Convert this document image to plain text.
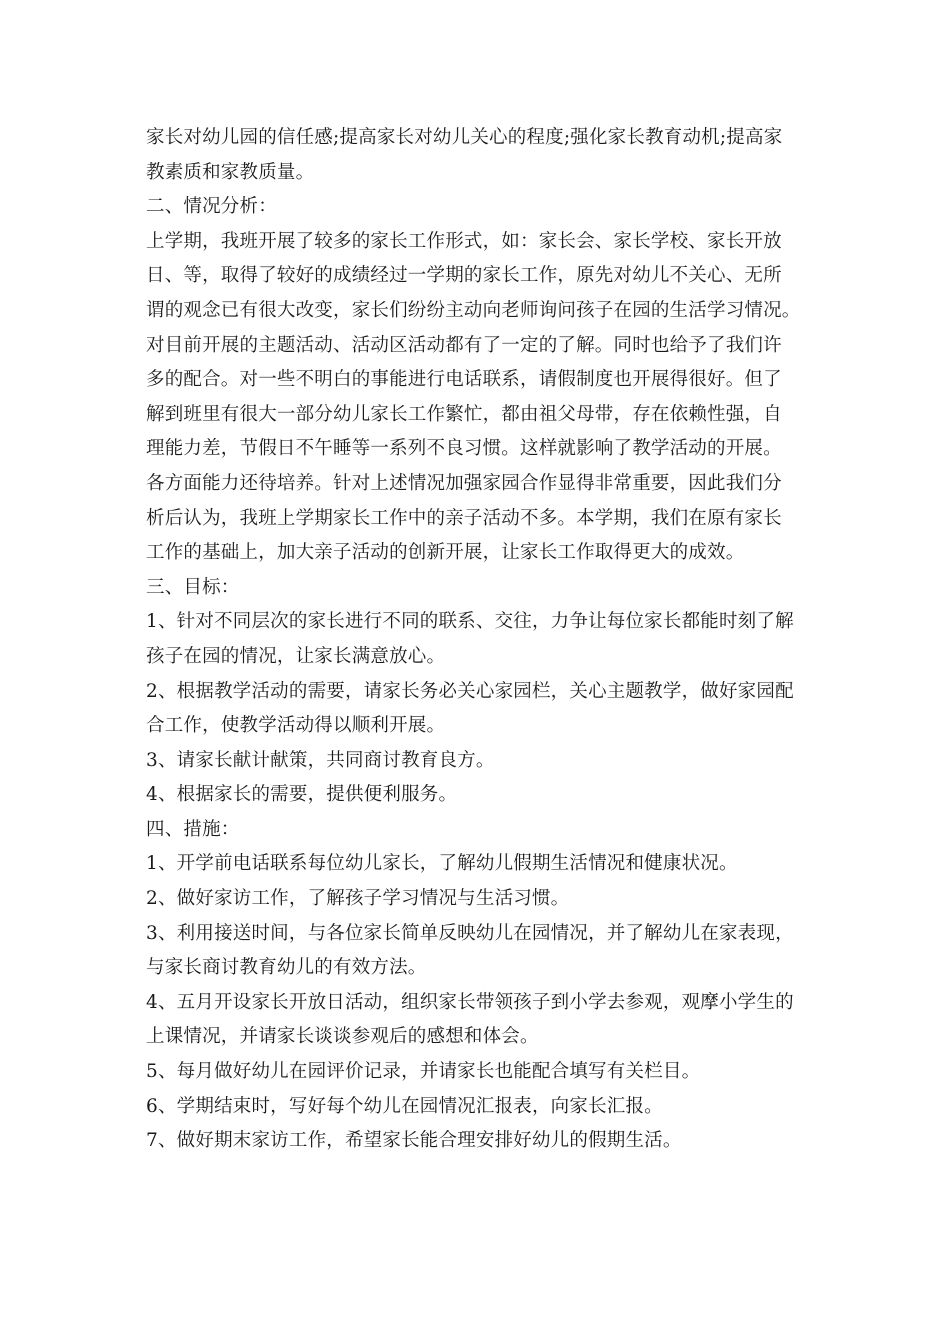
家长对幼儿园的信任感;提高家长对幼儿关心的程度;强化家长教育动机;提高家
教素质和家教质量。
二、情况分析：
上学期，我班开展了较多的家长工作形式，如：家长会、家长学校、家长开放
日、等，取得了较好的成绩经过一学期的家长工作，原先对幼儿不关心、无所
谓的观念已有很大改变，家长们纷纷主动向老师询问孩子在园的生活学习情况。
对目前开展的主题活动、活动区活动都有了一定的了解。同时也给予了我们许
多的配合。对一些不明白的事能进行电话联系，请假制度也开展得很好。但了
解到班里有很大一部分幼儿家长工作繁忙，都由祖父母带，存在依赖性强，自
理能力差，节假日不午睡等一系列不良习惯。这样就影响了教学活动的开展。
各方面能力还待培养。针对上述情况加强家园合作显得非常重要，因此我们分
析后认为，我班上学期家长工作中的亲子活动不多。本学期，我们在原有家长
工作的基础上，加大亲子活动的创新开展，让家长工作取得更大的成效。
三、目标：
1、针对不同层次的家长进行不同的联系、交往，力争让每位家长都能时刻了解
孩子在园的情况，让家长满意放心。
2、根据教学活动的需要，请家长务必关心家园栏，关心主题教学，做好家园配
合工作，使教学活动得以顺利开展。
3、请家长献计献策，共同商讨教育良方。
4、根据家长的需要，提供便利服务。
四、措施：
1、开学前电话联系每位幼儿家长，了解幼儿假期生活情况和健康状况。
2、做好家访工作，了解孩子学习情况与生活习惯。
3、利用接送时间，与各位家长简单反映幼儿在园情况，并了解幼儿在家表现，
与家长商讨教育幼儿的有效方法。
4、五月开设家长开放日活动，组织家长带领孩子到小学去参观，观摩小学生的
上课情况，并请家长谈谈参观后的感想和体会。
5、每月做好幼儿在园评价记录，并请家长也能配合填写有关栏目。
6、学期结束时，写好每个幼儿在园情况汇报表，向家长汇报。
7、做好期末家访工作，希望家长能合理安排好幼儿的假期生活。
